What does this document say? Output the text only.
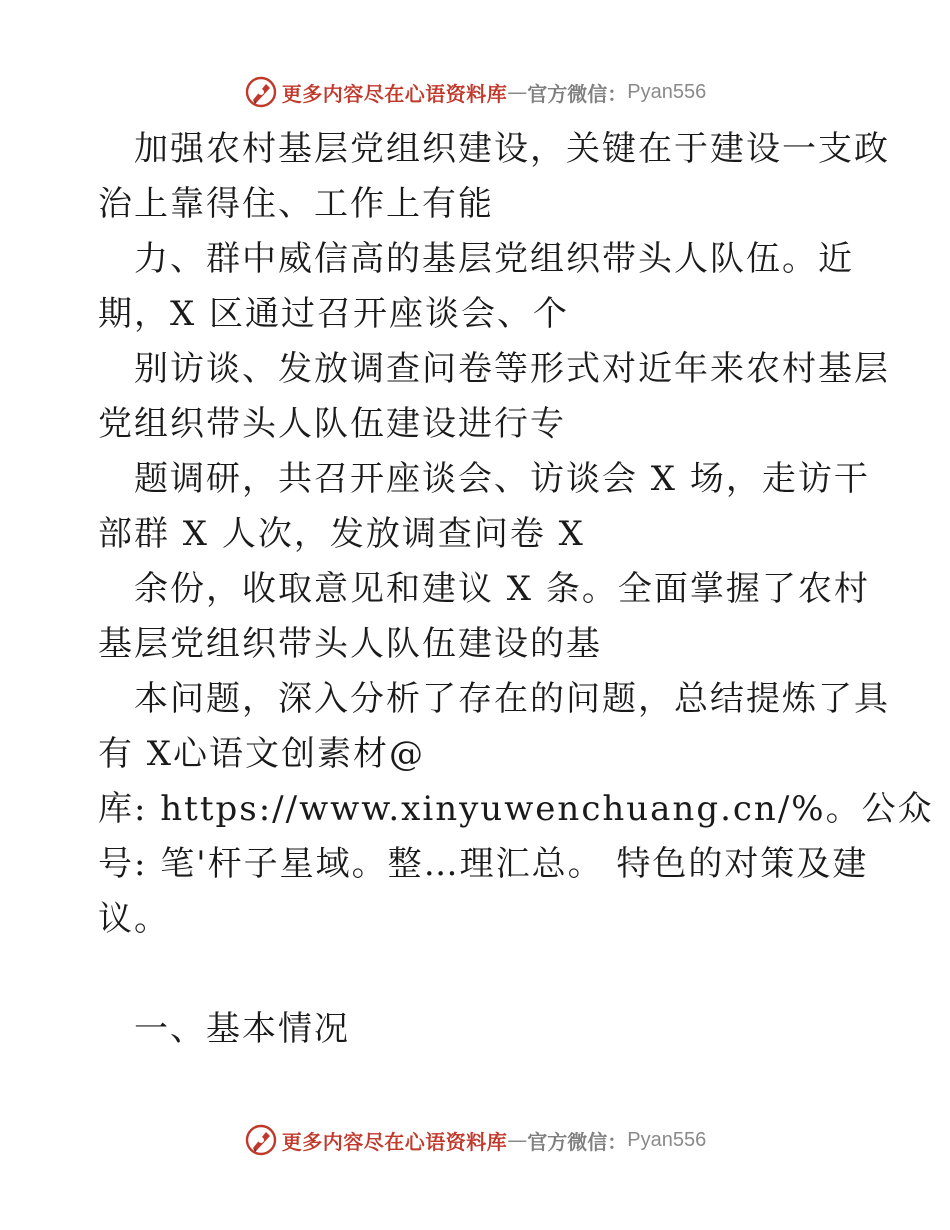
更多内容尽在心语资料库 — 官方微信： Pyan556
加强农村基层党组织建设，关键在于建设一支政
治上靠得住、工作上有能
力、群中威信高的基层党组织带头人队伍。近
期，X 区通过召开座谈会、个
别访谈、发放调查问卷等形式对近年来农村基层
党组织带头人队伍建设进行专
题调研，共召开座谈会、访谈会 X 场，走访干
部群 X 人次，发放调查问卷 X
余份，收取意见和建议 X 条。全面掌握了农村
基层党组织带头人队伍建设的基
本问题，深入分析了存在的问题，总结提炼了具
有 X心语文创素材@
库: https://www.xinyuwenchuang.cn/%。公众
号: 笔'杆子星域。整…理汇总。 特色的对策及建
议。
一、基本情况
更多内容尽在心语资料库 — 官方微信： Pyan556
